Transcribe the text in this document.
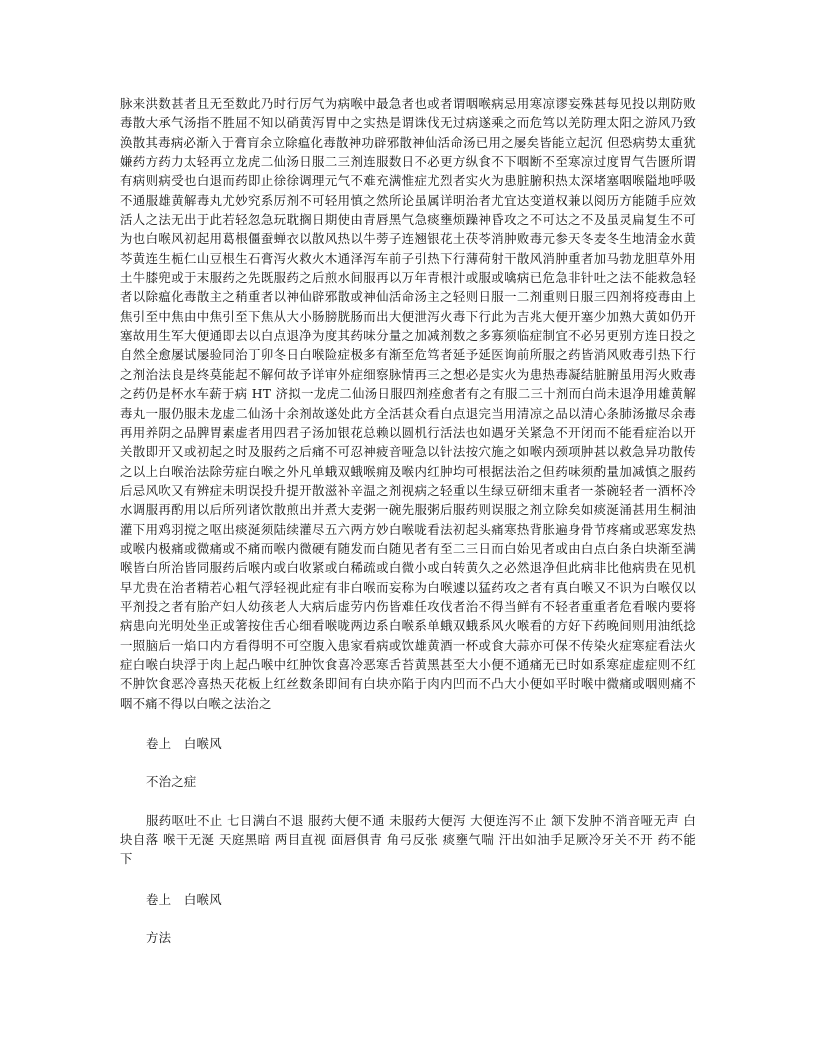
脉来洪数甚者且无至数此乃时行厉气为病喉中最急者也或者谓咽喉病忌用寒凉谬妄殊甚每见投以荆防败毒散大承气汤指不胜屈不知以硝黄泻胃中之实热是谓诛伐无过病遂乘之而危笃以羌防理太阳之游风乃致涣散其毒病必渐入于膏肓余立除瘟化毒散神功辟邪散神仙活命汤已用之屡矣皆能立起沉 但恐病势太重犹嫌药方药力太轻再立龙虎二仙汤日服二三剂连服数日不必更方纵食不下咽断不至寒凉过度胃气告匮所谓有病则病受也白退而药即止徐徐调理元气不难充满惟症尤烈者实火为患脏腑积热太深堵塞咽喉隘地呼吸不通服雄黄解毒丸尤妙究系厉剂不可轻用慎之然所论虽属详明治者尤宜达变道权兼以阅历方能随手应效活人之法无出于此若轻忽急玩耽搁日期使由青唇黑气急痰壅烦躁神昏攻之不可达之不及虽灵扁复生不可为也白喉风初起用葛根僵蚕蝉衣以散风热以牛蒡子连翘银花土茯苓消肿败毒元参天冬麦冬生地清金水黄芩黄连生栀仁山豆根生石膏泻火救火木通泽泻车前子引热下行薄荷射干散风消肿重者加马勃龙胆草外用土牛膝兜或于末服药之先既服药之后煎水间服再以万年青根汁或服或噙病已危急非针吐之法不能救急轻者以除瘟化毒散主之稍重者以神仙辟邪散或神仙活命汤主之轻则日服一二剂重则日服三四剂将疫毒由上焦引至中焦由中焦引至下焦从大小肠膀胱肠而出大便泄泻火毒下行此为吉兆大便开塞少加熟大黄如仍开塞故用生军大便通即去以白点退净为度其药味分量之加减剂数之多寡须临症制宜不必另更别方连日投之自然全愈屡试屡验同治丁卯冬日白喉险症极多有渐至危笃者延予延医询前所服之药皆消风败毒引热下行之剂治法良是终莫能起不解何故予详审外症细察脉情再三之想必是实火为患热毒凝结脏腑虽用泻火败毒之药仍是杯水车薪于病 HT 济拟一龙虎二仙汤日服四剂痊愈者有之有服二三十剂而白尚未退净用雄黄解毒丸一服仍服未龙虚二仙汤十余剂故遂处此方全活甚众看白点退完当用清凉之品以清心条肺汤撤尽余毒再用养阴之品脾胃素虚者用四君子汤加银花总赖以圆机行活法也如遇牙关紧急不开闭而不能看症治以开关散即开又或初起之时及服药之后痛不可忍神疲音哑急以针法按穴施之如喉内颈项肿甚以救急异功散传之以上白喉治法除劳症白喉之外凡单蛾双蛾喉痈及喉内红肿均可根据法治之但药味须酌量加减慎之服药后忌风吹又有辨症未明误投升提开散滋补辛温之剂视病之轻重以生绿豆研细末重者一茶碗轻者一酒杯冷水调服再酌用以后所列诸饮散煎出并煮大麦粥一碗先服粥后服药则误服之剂立除矣如痰涎涌甚用生桐油灌下用鸡羽搅之呕出痰涎须陆续灌尽五六两方妙白喉咙看法初起头痛寒热背胀遍身骨节疼痛或恶寒发热或喉内极痛或微痛或不痛而喉内微硬有随发而白随见者有至二三日而白始见者或由白点白条白块渐至满喉皆白所治皆同服药后喉内或白收紧或白稀疏或白微小或白转黄久之必然退净但此病非比他病贵在见机早尤贵在治者精若心粗气浮轻视此症有非白喉而妄称为白喉遽以猛药攻之者有真白喉又不识为白喉仅以平剂投之者有胎产妇人幼孩老人大病后虚劳内伤皆难任攻伐者治不得当鲜有不轻者重重者危看喉内要将病患向光明处坐正或箸按住舌心细看喉咙两边系白喉系单蛾双蛾系风火喉看的方好下药晚间则用油纸捻一照脑后一焰口内方看得明不可空腹入患家看病或饮雄黄酒一杯或食大蒜亦可保不传染火症寒症看法火症白喉白块浮于肉上起凸喉中红肿饮食喜冷恶寒舌苔黄黑甚至大小便不通痛无已时如系寒症虚症则不红不肿饮食恶冷喜热天花板上红丝数条即间有白块亦陷于肉内凹而不凸大小便如平时喉中微痛或咽则痛不咽不痛不得以白喉之法治之

卷上　白喉风

不治之症

服药呕吐不止 七日满白不退 服药大便不通 未服药大便泻 大便连泻不止 颔下发肿不消音哑无声 白块自落 喉干无涎 天庭黑暗 两目直视 面唇俱青 角弓反张 痰壅气喘 汗出如油手足厥冷牙关不开 药不能下

卷上　白喉风

方法
